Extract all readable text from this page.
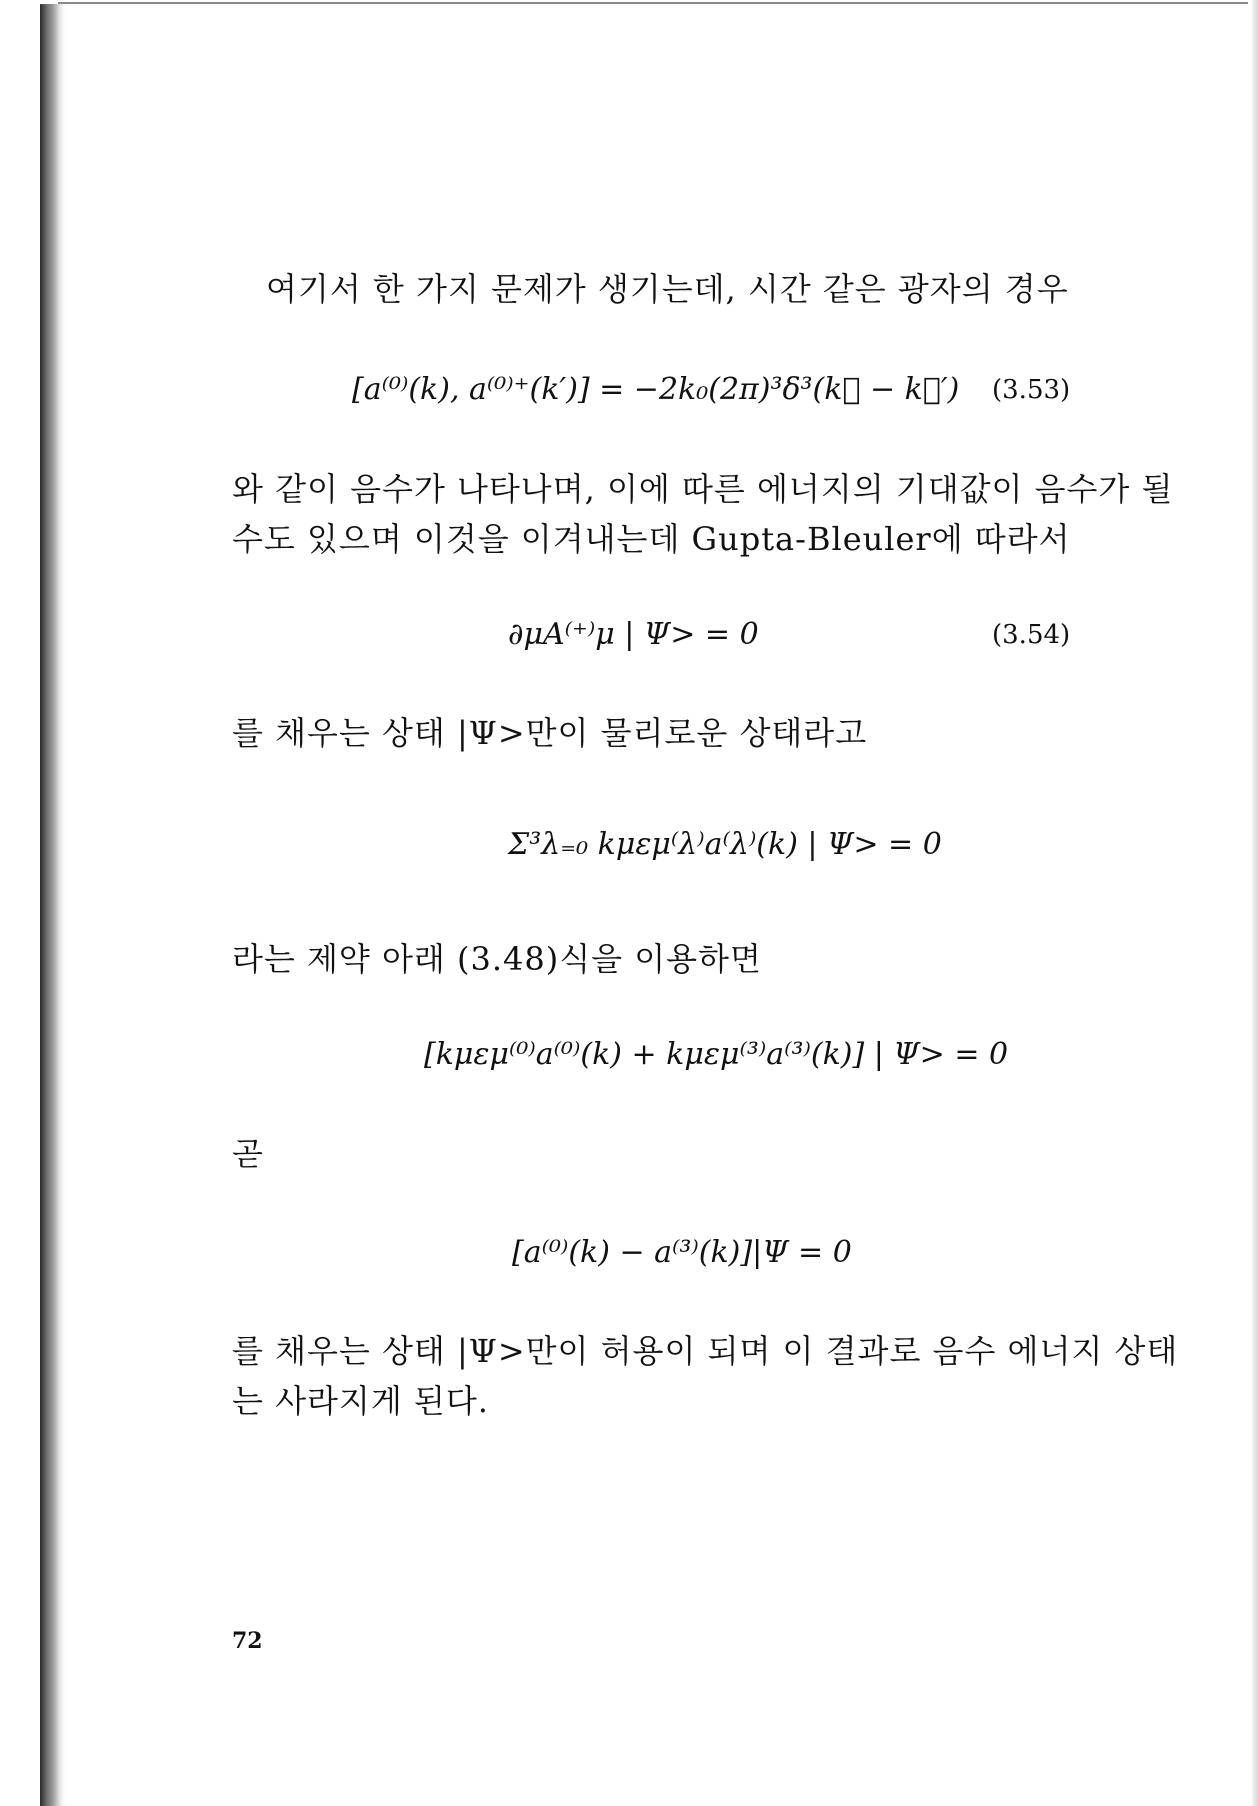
여기서 한 가지 문제가 생기는데, 시간 같은 광자의 경우
[a⁽⁰⁾(k), a⁽⁰⁾⁺(k′)] = −2k₀(2π)³δ³(k⃗ − k⃗′) (3.53)
와 같이 음수가 나타나며, 이에 따른 에너지의 기대값이 음수가 될
수도 있으며 이것을 이겨내는데 Gupta-Bleuler에 따라서
∂μA⁽⁺⁾μ | Ψ> = 0	(3.54)
를 채우는 상태 |Ψ>만이 물리로운 상태라고
Σ³λ₌₀ kμεμ⁽λ⁾a⁽λ⁾(k) | Ψ> = 0
라는 제약 아래 (3.48)식을 이용하면
[kμεμ⁽⁰⁾a⁽⁰⁾(k) + kμεμ⁽³⁾a⁽³⁾(k)] | Ψ> = 0
곧
[a⁽⁰⁾(k) − a⁽³⁾(k)]|Ψ = 0
를 채우는 상태 |Ψ>만이 허용이 되며 이 결과로 음수 에너지 상태
는 사라지게 된다.
72
